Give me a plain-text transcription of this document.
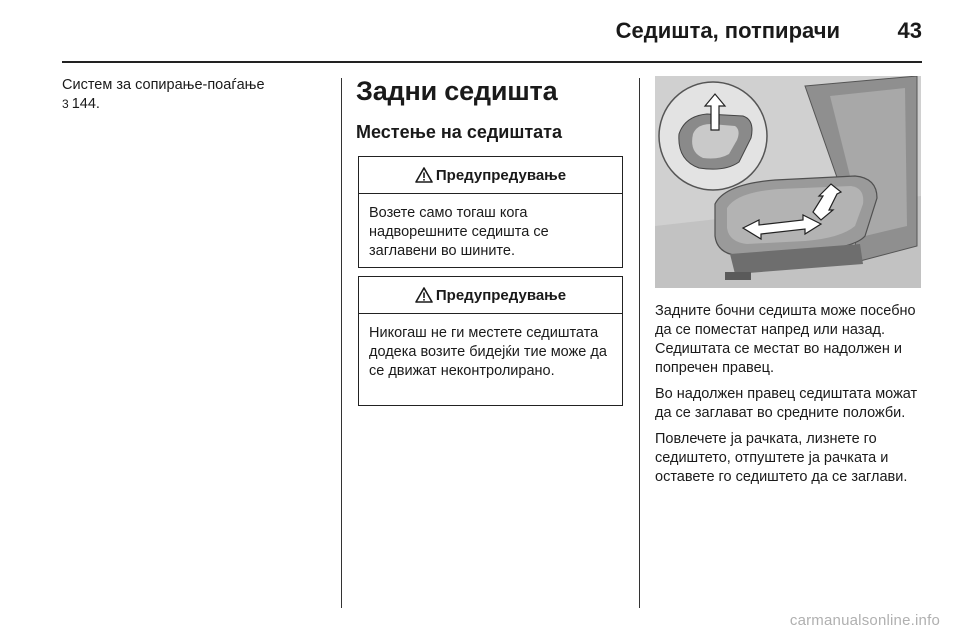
Седишта, потпирачи	43
Систем за сопирање-поаѓање
3 144.	Задни седишта
Местење на седиштата
Предупредување
Возете само тогаш кога надворешните седишта се заглавени во шините.
Предупредување
Никогаш не ги местете седиштата додека возите бидејќи тие може да се движат неконтролирано.

Задните бочни седишта може посебно да се поместат напред или назад. Седиштата се местат во надолжен и попречен правец.

Во надолжен правец седиштата можат да се заглават во средните положби.

Повлечете ја рачката, лизнете го седиштето, отпуштете ја рачката и оставете го седиштето да се заглави.

carmanualsonline.info
